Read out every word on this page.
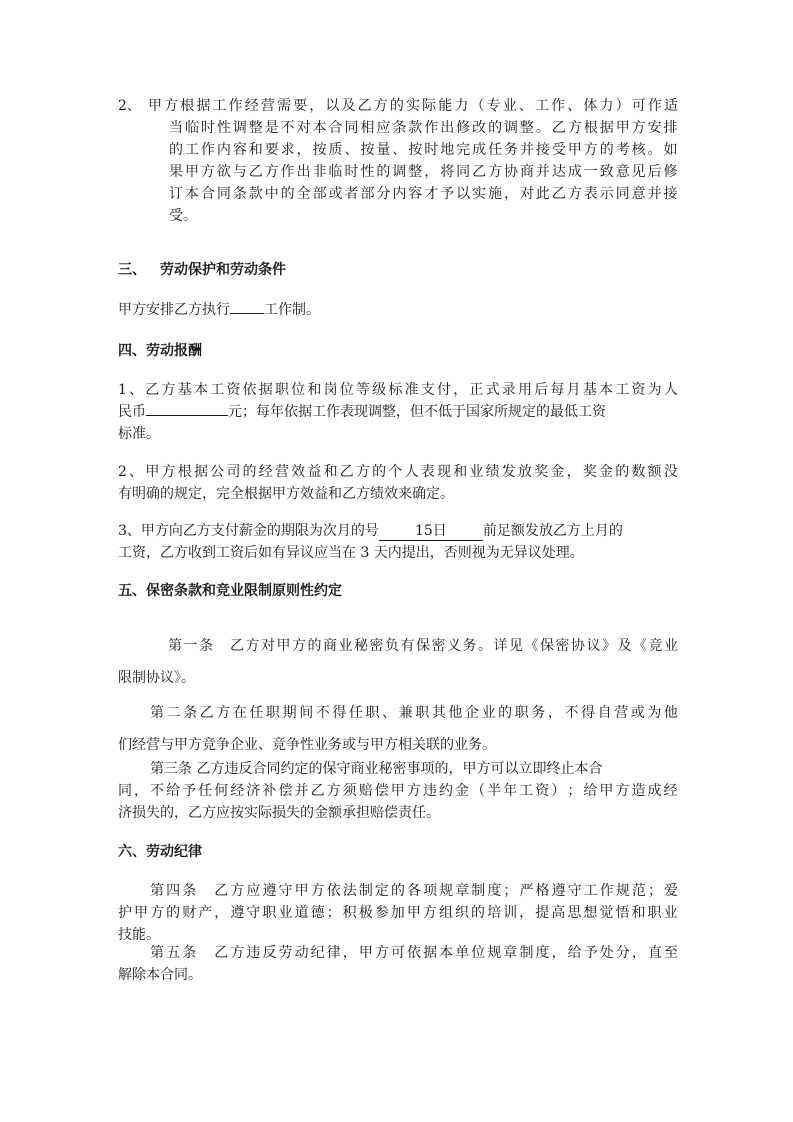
2、 甲 方 根 据 工 作 经 营 需 要 ， 以 及 乙 方 的 实 际 能 力 （ 专 业 、 工 作 、 体 力 ） 可 作 适
当 临 时 性 调 整 是 不 对 本 合 同 相 应 条 款 作 出 修 改 的 调 整 。 乙 方 根 据 甲 方 安 排
的 工 作 内 容 和 要 求 ， 按 质 、 按 量 、 按 时 地 完 成 任 务 并 接 受 甲 方 的 考 核 。 如
果 甲 方 欲 与 乙 方 作 出 非 临 时 性 的 调 整 ， 将 同 乙 方 协 商 并 达 成 一 致 意 见 后 修
订 本 合 同 条 款 中 的 全 部 或 者 部 分 内 容 才 予 以 实 施 ， 对 此 乙 方 表 示 同 意 并 接
受。
三、 劳动保护和劳动条件
甲方安排乙方执行 工作制。
四、劳动报酬
1 、 乙 方 基 本 工 资 依 据 职 位 和 岗 位 等 级 标 准 支 付 ， 正 式 录 用 后 每 月 基 本 工 资 为 人
民币	元；每年依据工作表现调整，但不低于国家所规定的最低工资
标准。
2 、 甲 方 根 据 公 司 的 经 营 效 益 和 乙 方 的 个 人 表 现 和 业 绩 发 放 奖 金 ， 奖 金 的 数 额 没
有明确的规定，完全根据甲方效益和乙方绩效来确定。
3、甲方向乙方支付薪金的期限为次月的号	15日	前足额发放乙方上月的
工资，乙方收到工资后如有异议应当在 3 天内提出，否则视为无异议处理。
五、保密条款和竞业限制原则性约定
第 一 条
　 乙 方 对 甲 方 的 商 业 秘 密 负 有 保 密 义 务 。 详 见 《 保 密 协 议 》 及 《 竞 业
限制协议》。
第 二 条 乙 方 在 任 职 期 间 不 得 任 职 、 兼 职 其 他 企 业 的 职 务 ， 不 得 自 营 或 为 他
们经营与甲方竞争企业、竞争性业务或与甲方相关联的业务。
第三条 乙方违反合同约定的保守商业秘密事项的，甲方可以立即终止本合
同 ， 不 给 予 任 何 经 济 补 偿 并 乙 方 须 赔 偿 甲 方 违 约 金 （ 半 年 工 资 ） ； 给 甲 方 造 成 经
济损失的，乙方应按实际损失的金额承担赔偿责任。
六、劳动纪律
第 四 条
　 乙 方 应 遵 守 甲 方 依 法 制 定 的 各 项 规 章 制 度 ； 严 格 遵 守 工 作 规 范 ； 爱
护 甲 方 的 财 产 ， 遵 守 职 业 道 德 ； 积 极 参 加 甲 方 组 织 的 培 训 ， 提 高 思 想 觉 悟 和 职 业
技能。
第 五 条
　 乙 方 违 反 劳 动 纪 律 ， 甲 方 可 依 据 本 单 位 规 章 制 度 ， 给 予 处 分 ， 直 至
解除本合同。
